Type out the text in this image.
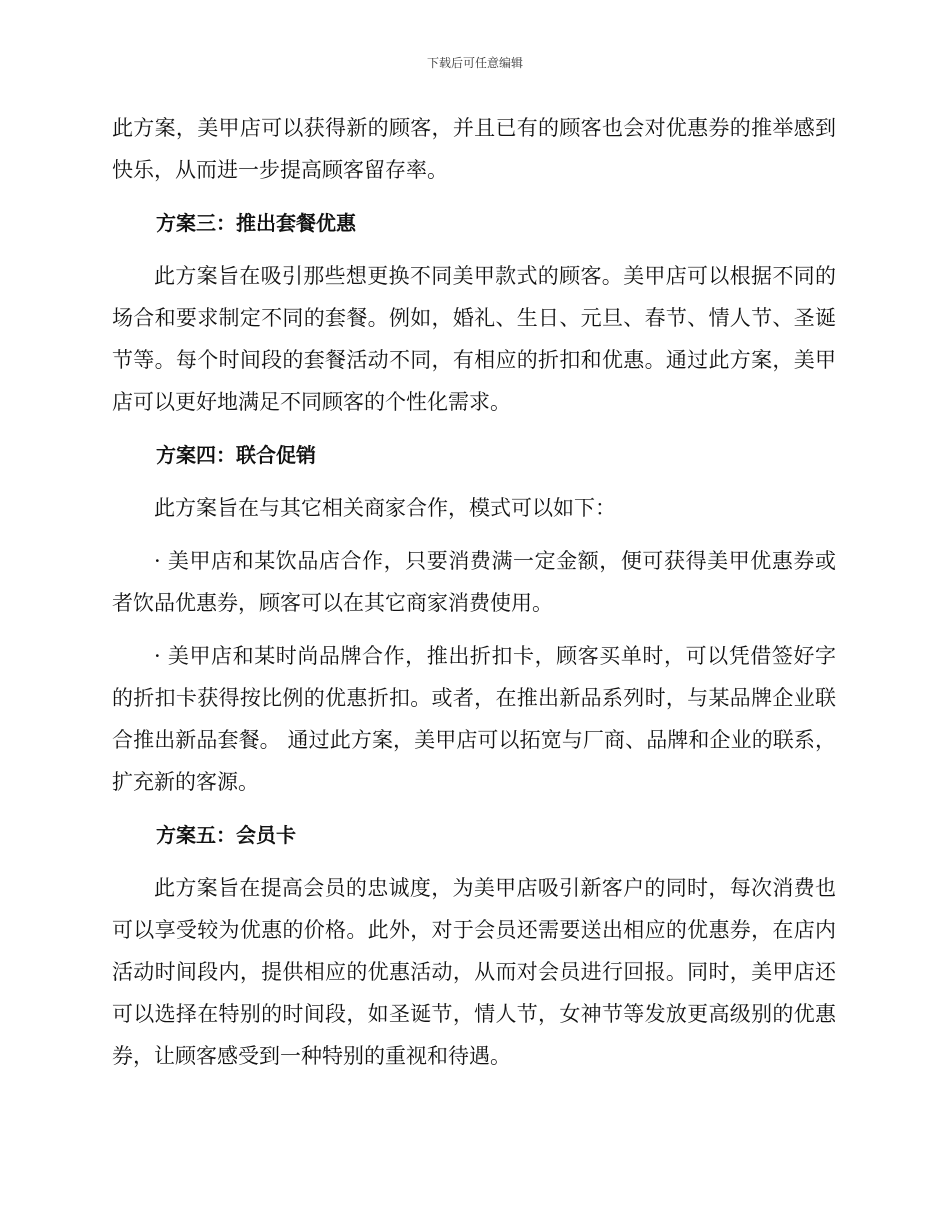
下载后可任意编辑

此方案，美甲店可以获得新的顾客，并且已有的顾客也会对优惠券的推举感到快乐，从而进一步提高顾客留存率。

方案三：推出套餐优惠

此方案旨在吸引那些想更换不同美甲款式的顾客。美甲店可以根据不同的场合和要求制定不同的套餐。例如，婚礼、生日、元旦、春节、情人节、圣诞节等。每个时间段的套餐活动不同，有相应的折扣和优惠。通过此方案，美甲店可以更好地满足不同顾客的个性化需求。

方案四：联合促销

此方案旨在与其它相关商家合作，模式可以如下：

· 美甲店和某饮品店合作，只要消费满一定金额，便可获得美甲优惠券或者饮品优惠券，顾客可以在其它商家消费使用。

· 美甲店和某时尚品牌合作，推出折扣卡，顾客买单时，可以凭借签好字的折扣卡获得按比例的优惠折扣。或者，在推出新品系列时，与某品牌企业联合推出新品套餐。 通过此方案，美甲店可以拓宽与厂商、品牌和企业的联系，扩充新的客源。

方案五：会员卡

此方案旨在提高会员的忠诚度，为美甲店吸引新客户的同时，每次消费也可以享受较为优惠的价格。此外，对于会员还需要送出相应的优惠券，在店内活动时间段内，提供相应的优惠活动，从而对会员进行回报。同时，美甲店还可以选择在特别的时间段，如圣诞节，情人节，女神节等发放更高级别的优惠券，让顾客感受到一种特别的重视和待遇。
